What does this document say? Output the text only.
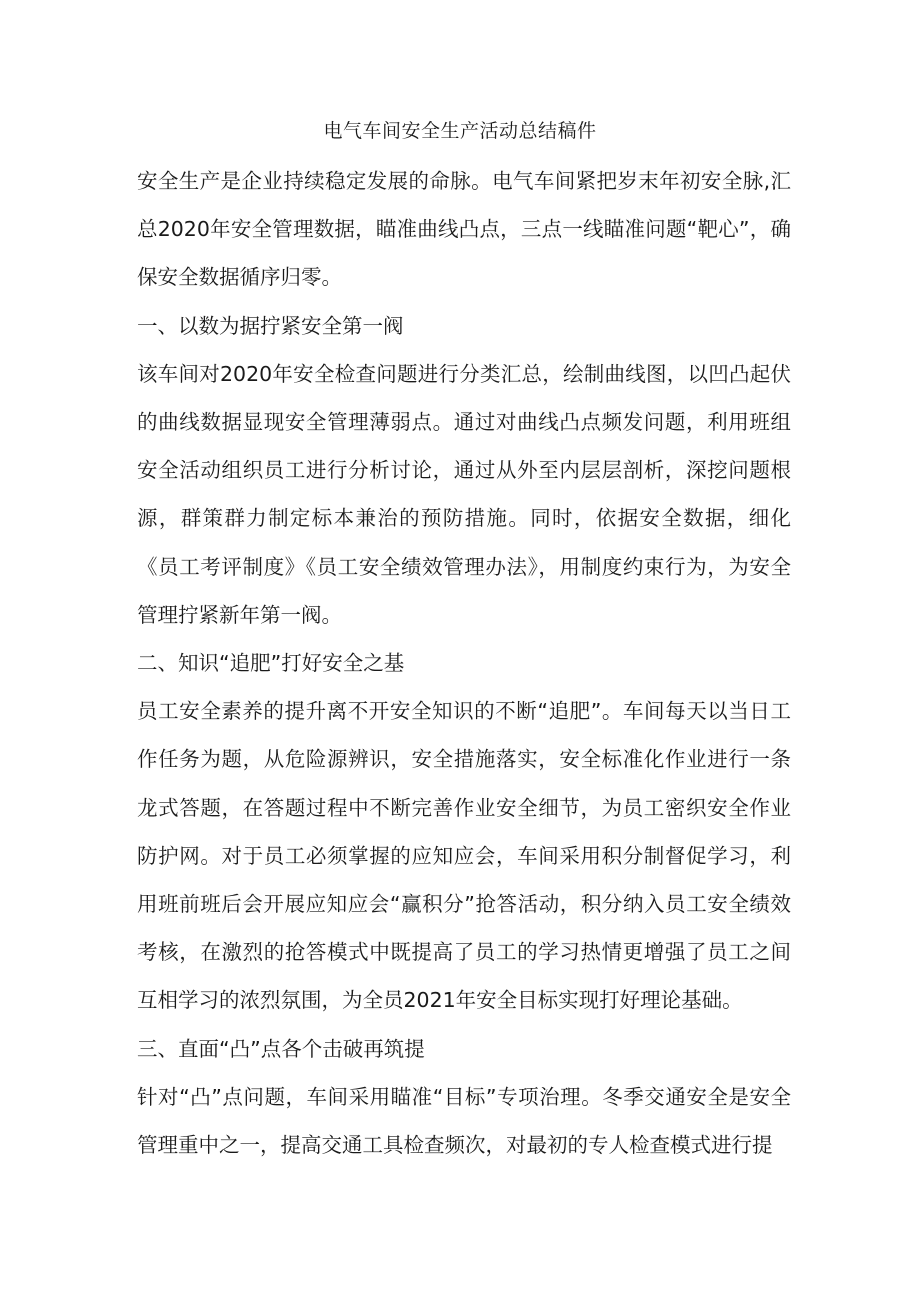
电气车间安全生产活动总结稿件

安全生产是企业持续稳定发展的命脉。电气车间紧把岁末年初安全脉,汇总2020年安全管理数据，瞄准曲线凸点，三点一线瞄准问题“靶心”，确保安全数据循序归零。

一、以数为据拧紧安全第一阀

该车间对2020年安全检查问题进行分类汇总，绘制曲线图，以凹凸起伏的曲线数据显现安全管理薄弱点。通过对曲线凸点频发问题，利用班组安全活动组织员工进行分析讨论，通过从外至内层层剖析，深挖问题根源，群策群力制定标本兼治的预防措施。同时，依据安全数据，细化《员工考评制度》《员工安全绩效管理办法》，用制度约束行为，为安全管理拧紧新年第一阀。

二、知识“追肥”打好安全之基

员工安全素养的提升离不开安全知识的不断“追肥”。车间每天以当日工作任务为题，从危险源辨识，安全措施落实，安全标准化作业进行一条龙式答题，在答题过程中不断完善作业安全细节，为员工密织安全作业防护网。对于员工必须掌握的应知应会，车间采用积分制督促学习，利用班前班后会开展应知应会“赢积分”抢答活动，积分纳入员工安全绩效考核，在激烈的抢答模式中既提高了员工的学习热情更增强了员工之间互相学习的浓烈氛围，为全员2021年安全目标实现打好理论基础。

三、直面“凸”点各个击破再筑提

针对“凸”点问题，车间采用瞄准“目标”专项治理。冬季交通安全是安全管理重中之一，提高交通工具检查频次，对最初的专人检查模式进行提
